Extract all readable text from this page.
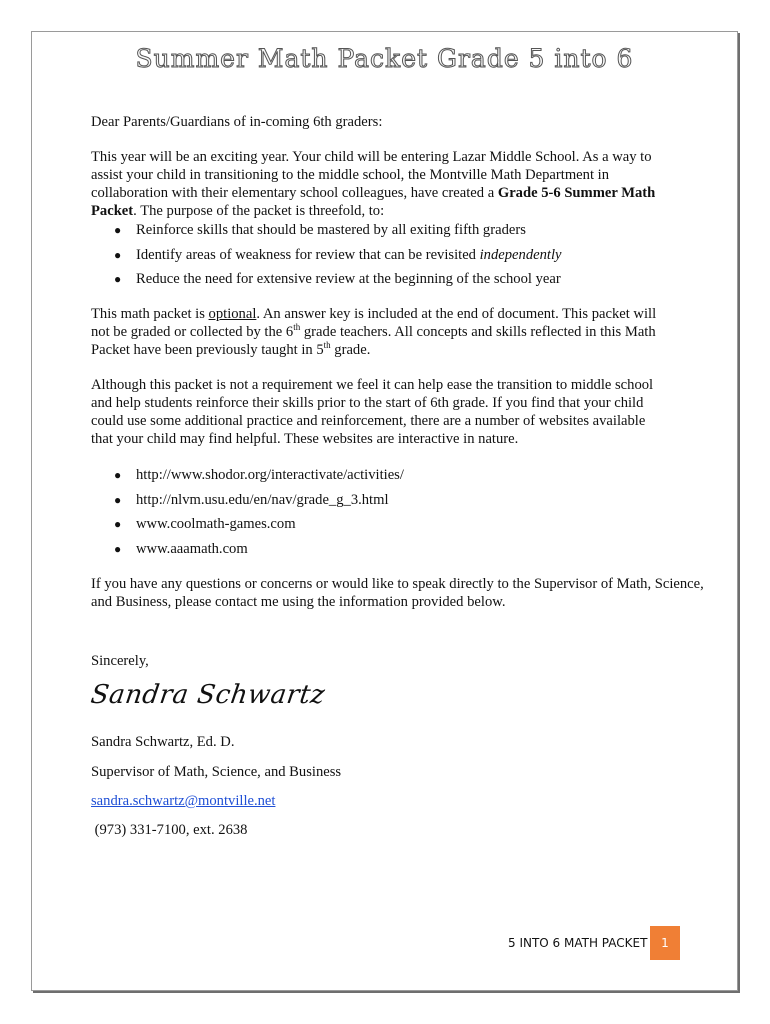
Summer Math Packet Grade 5 into 6
Dear Parents/Guardians of in-coming 6th graders:
This year will be an exciting year. Your child will be entering Lazar Middle School. As a way to
assist your child in transitioning to the middle school, the Montville Math Department in
collaboration with their elementary school colleagues, have created a Grade 5-6 Summer Math
Packet. The purpose of the packet is threefold, to:
● Reinforce skills that should be mastered by all exiting fifth graders
● Identify areas of weakness for review that can be revisited independently
● Reduce the need for extensive review at the beginning of the school year
This math packet is optional. An answer key is included at the end of document. This packet will
not be graded or collected by the 6th grade teachers. All concepts and skills reflected in this Math
Packet have been previously taught in 5th grade.
Although this packet is not a requirement we feel it can help ease the transition to middle school
and help students reinforce their skills prior to the start of 6th grade. If you find that your child
could use some additional practice and reinforcement, there are a number of websites available
that your child may find helpful. These websites are interactive in nature.
● http://www.shodor.org/interactivate/activities/
● http://nlvm.usu.edu/en/nav/grade_g_3.html
● www.coolmath-games.com
● www.aaamath.com
If you have any questions or concerns or would like to speak directly to the Supervisor of Math, Science,
and Business, please contact me using the information provided below.
Sincerely,
Sandra Schwartz
Sandra Schwartz, Ed. D.
Supervisor of Math, Science, and Business
sandra.schwartz@montville.net
(973) 331-7100, ext. 2638
5 INTO 6 MATH PACKET	1
